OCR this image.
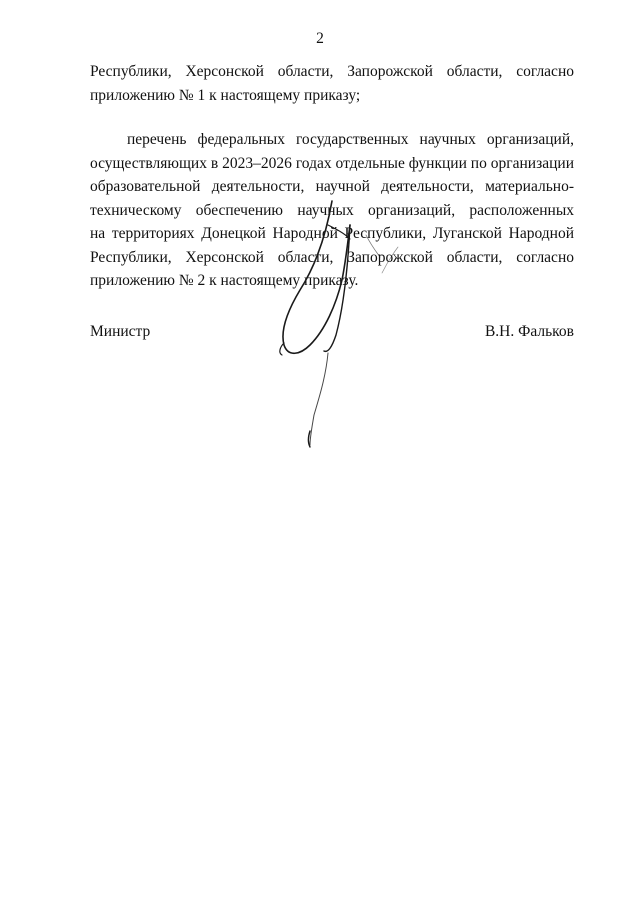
2
Республики, Херсонской области, Запорожской области, согласно
приложению № 1 к настоящему приказу;
перечень федеральных государственных научных организаций,
осуществляющих в 2023–2026 годах отдельные функции по организации
образовательной деятельности, научной деятельности, материально-
техническому обеспечению научных организаций, расположенных
на территориях Донецкой Народной Республики, Луганской Народной
Республики, Херсонской области, Запорожской области, согласно
приложению № 2 к настоящему приказу.
Министр	В.Н. Фальков
